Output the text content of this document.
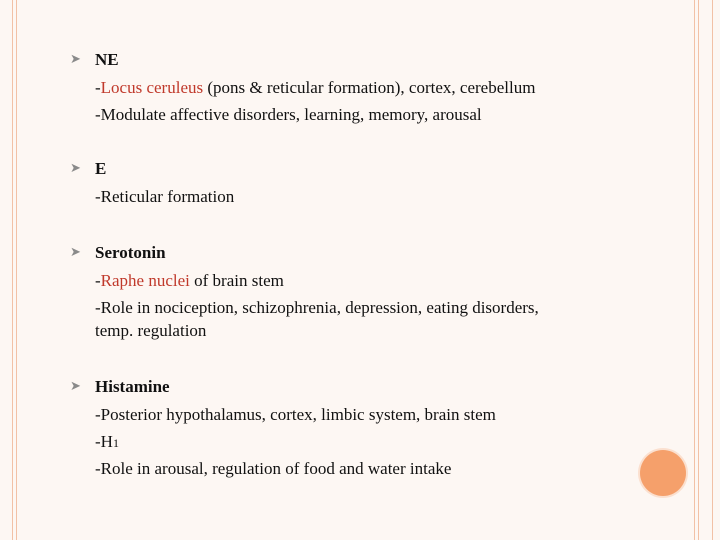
➤ NE
-Locus ceruleus (pons & reticular formation), cortex, cerebellum
-Modulate affective disorders, learning, memory, arousal
➤ E
-Reticular formation
➤ Serotonin
-Raphe nuclei of brain stem
-Role in nociception, schizophrenia, depression, eating disorders,
temp. regulation
➤ Histamine
-Posterior hypothalamus, cortex, limbic system, brain stem
-H1
-Role in arousal, regulation of food and water intake
